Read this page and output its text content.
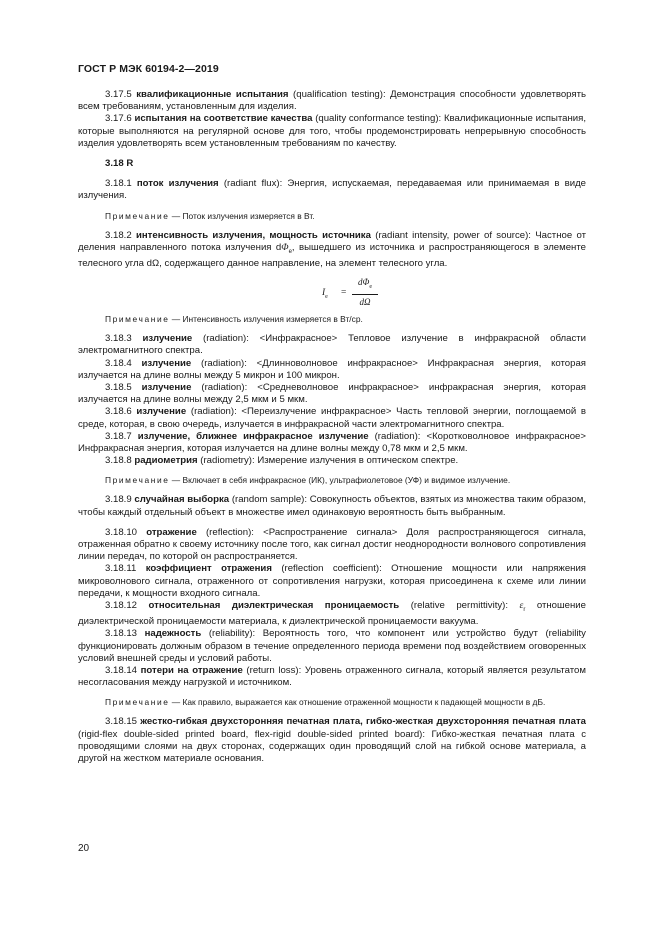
ГОСТ Р МЭК 60194-2—2019

3.17.5 квалификационные испытания (qualification testing): Демонстрация способности удовлетворять всем требованиям, установленным для изделия.

3.17.6 испытания на соответствие качества (quality conformance testing): Квалификационные испытания, которые выполняются на регулярной основе для того, чтобы продемонстрировать непрерывную способность изделия удовлетворять всем установленным требованиям по качеству.

3.18 R

3.18.1 поток излучения (radiant flux): Энергия, испускаемая, передаваемая или принимаемая в виде излучения.

Примечание — Поток излучения измеряется в Вт.

3.18.2 интенсивность излучения, мощность источника (radiant intensity, power of source): Частное от деления направленного потока излучения $d\Phi_e$, вышедшего из источника и распространяющегося в элементе телесного угла dΩ, содержащего данное направление, на элемент телесного угла.

$I_e$ =
$d\Phi_e$
dΩ

Примечание — Интенсивность излучения измеряется в Вт/ср.

3.18.3 излучение (radiation): <Инфракрасное> Тепловое излучение в инфракрасной области электромагнитного спектра.

3.18.4 излучение (radiation): <Длинноволновое инфракрасное> Инфракрасная энергия, которая излучается на длине волны между 5 микрон и 100 микрон.

3.18.5 излучение (radiation): <Средневолновое инфракрасное> инфракрасная энергия, которая излучается на длине волны между 2,5 мкм и 5 мкм.

3.18.6 излучение (radiation): <Переизлучение инфракрасное> Часть тепловой энергии, поглощаемой в среде, которая, в свою очередь, излучается в инфракрасной части электромагнитного спектра.

3.18.7 излучение, ближнее инфракрасное излучение (radiation): <Коротковолновое инфракрасное> Инфракрасная энергия, которая излучается на длине волны между 0,78 мкм и 2,5 мкм.

3.18.8 радиометрия (radiometry): Измерение излучения в оптическом спектре.

Примечание — Включает в себя инфракрасное (ИК), ультрафиолетовое (УФ) и видимое излучение.

3.18.9 случайная выборка (random sample): Совокупность объектов, взятых из множества таким образом, чтобы каждый отдельный объект в множестве имел одинаковую вероятность быть выбранным.

3.18.10 отражение (reflection): <Распространение сигнала> Доля распространяющегося сигнала, отраженная обратно к своему источнику после того, как сигнал достиг неоднородности волнового сопротивления линии передач, по которой он распространяется.

3.18.11 коэффициент отражения (reflection coefficient): Отношение мощности или напряжения микроволнового сигнала, отраженного от сопротивления нагрузки, которая присоединена к схеме или линии передачи, к мощности входного сигнала.

3.18.12 относительная диэлектрическая проницаемость (relative permittivity): $\varepsilon_r$ отношение диэлектрической проницаемости материала, к диэлектрической проницаемости вакуума.

3.18.13 надежность (reliability): Вероятность того, что компонент или устройство будут (reliability функционировать должным образом в течение определенного периода времени под воздействием оговоренных условий внешней среды и условий работы.

3.18.14 потери на отражение (return loss): Уровень отраженного сигнала, который является результатом несогласования между нагрузкой и источником.

Примечание — Как правило, выражается как отношение отраженной мощности к падающей мощности в дБ.

3.18.15 жестко-гибкая двухсторонняя печатная плата, гибко-жесткая двухсторонняя печатная плата (rigid-flex double-sided printed board, flex-rigid double-sided printed board): Гибко-жесткая печатная плата с проводящими слоями на двух сторонах, содержащих один проводящий слой на гибкой основе материала, а другой на жестком материале основания.

20
